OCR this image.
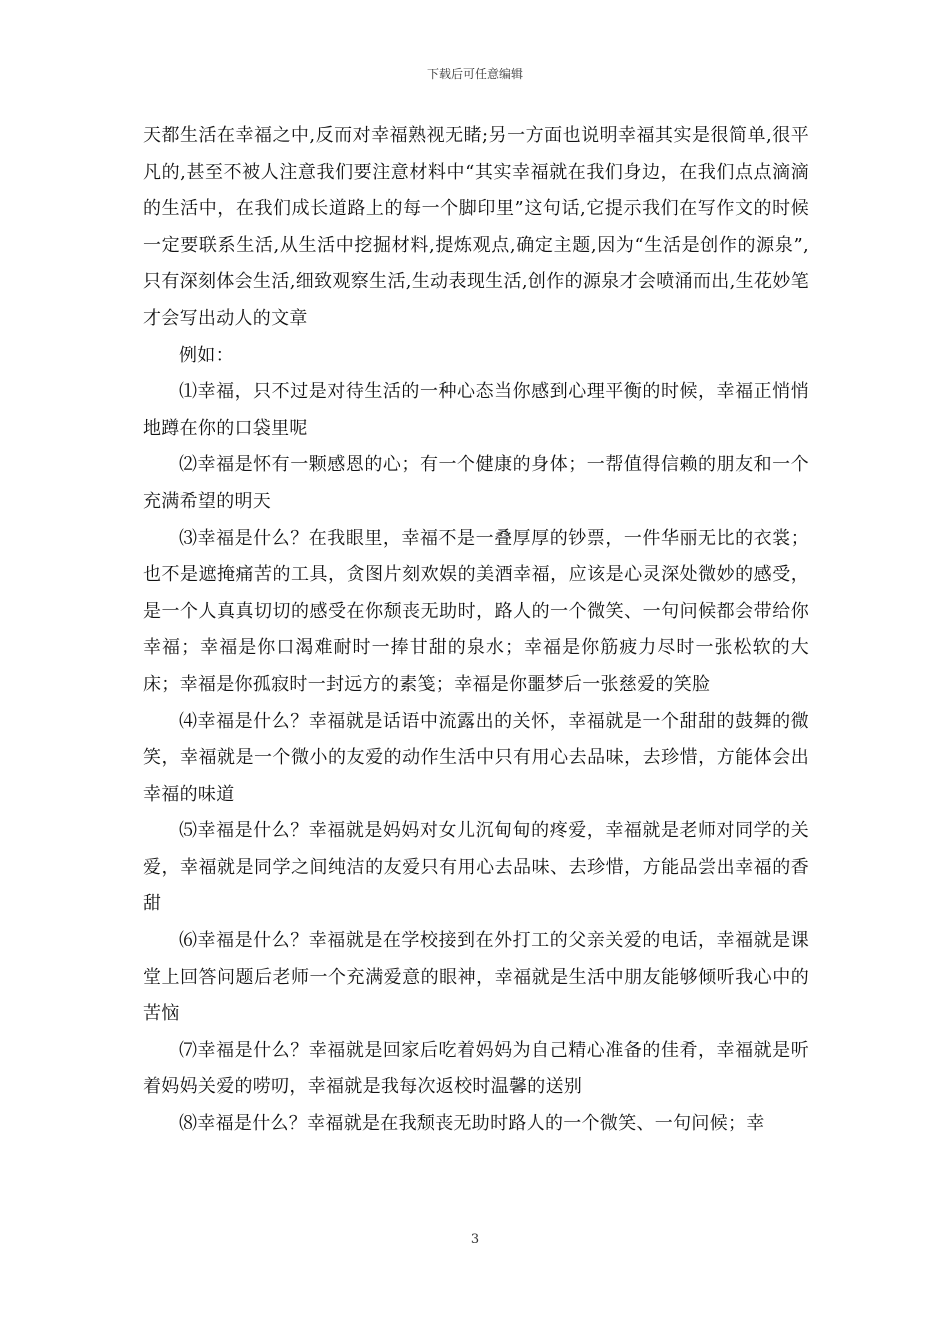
下载后可任意编辑

天都生活在幸福之中,反而对幸福熟视无睹;另一方面也说明幸福其实是很简单,很平凡的,甚至不被人注意我们要注意材料中“其实幸福就在我们身边，在我们点点滴滴的生活中，在我们成长道路上的每一个脚印里”这句话,它提示我们在写作文的时候一定要联系生活,从生活中挖掘材料,提炼观点,确定主题,因为“生活是创作的源泉”,只有深刻体会生活,细致观察生活,生动表现生活,创作的源泉才会喷涌而出,生花妙笔才会写出动人的文章

例如：

⑴幸福，只不过是对待生活的一种心态当你感到心理平衡的时候，幸福正悄悄地蹲在你的口袋里呢

⑵幸福是怀有一颗感恩的心；有一个健康的身体；一帮值得信赖的朋友和一个充满希望的明天

⑶幸福是什么？在我眼里，幸福不是一叠厚厚的钞票，一件华丽无比的衣裳；也不是遮掩痛苦的工具，贪图片刻欢娱的美酒幸福，应该是心灵深处微妙的感受，是一个人真真切切的感受在你颓丧无助时，路人的一个微笑、一句问候都会带给你幸福；幸福是你口渴难耐时一捧甘甜的泉水；幸福是你筋疲力尽时一张松软的大床；幸福是你孤寂时一封远方的素笺；幸福是你噩梦后一张慈爱的笑脸

⑷幸福是什么？幸福就是话语中流露出的关怀，幸福就是一个甜甜的鼓舞的微笑，幸福就是一个微小的友爱的动作生活中只有用心去品味，去珍惜，方能体会出幸福的味道

⑸幸福是什么？幸福就是妈妈对女儿沉甸甸的疼爱，幸福就是老师对同学的关爱，幸福就是同学之间纯洁的友爱只有用心去品味、去珍惜，方能品尝出幸福的香甜

⑹幸福是什么？幸福就是在学校接到在外打工的父亲关爱的电话，幸福就是课堂上回答问题后老师一个充满爱意的眼神，幸福就是生活中朋友能够倾听我心中的苦恼

⑺幸福是什么？幸福就是回家后吃着妈妈为自己精心准备的佳肴，幸福就是听着妈妈关爱的唠叨，幸福就是我每次返校时温馨的送别

⑻幸福是什么？幸福就是在我颓丧无助时路人的一个微笑、一句问候；幸

3
